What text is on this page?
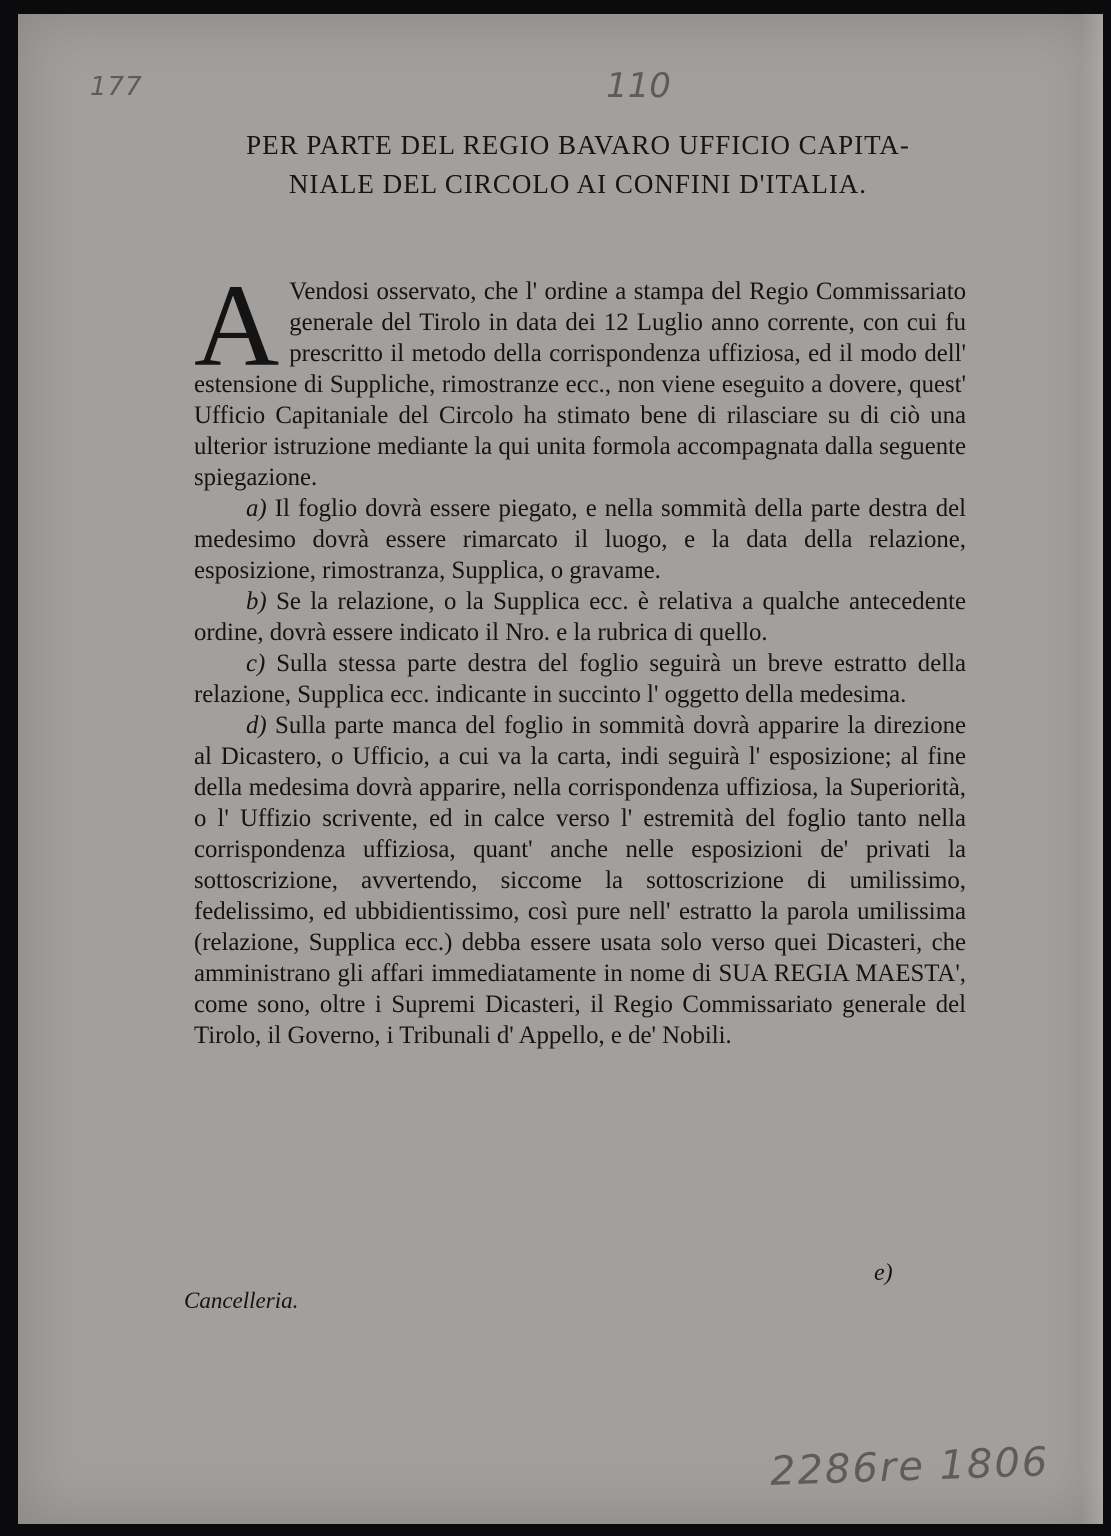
177	110
PER PARTE DEL REGIO BAVARO UFFICIO CAPITA-
NIALE DEL CIRCOLO AI CONFINI D'ITALIA.

A Vendosi osservato, che l' ordine a stampa del Regio Commissariato generale del Tirolo in data dei 12 Luglio anno corrente, con cui fu prescritto il metodo della corrispondenza uffiziosa, ed il modo dell' estensione di Suppliche, rimostranze ecc., non viene eseguito a dovere, quest' Ufficio Capitaniale del Circolo ha stimato bene di rilasciare su di ciò una ulterior istruzione mediante la qui unita formola accompagnata dalla seguente spiegazione.

a) Il foglio dovrà essere piegato, e nella sommità della parte destra del medesimo dovrà essere rimarcato il luogo, e la data della relazione, esposizione, rimostranza, Supplica, o gravame.

b) Se la relazione, o la Supplica ecc. è relativa a qualche antecedente ordine, dovrà essere indicato il Nro. e la rubrica di quello.

c) Sulla stessa parte destra del foglio seguirà un breve estratto della relazione, Supplica ecc. indicante in succinto l' oggetto della medesima.

d) Sulla parte manca del foglio in sommità dovrà apparire la direzione al Dicastero, o Ufficio, a cui va la carta, indi seguirà l' esposizione; al fine della medesima dovrà apparire, nella corrispondenza uffiziosa, la Superiorità, o l' Uffizio scrivente, ed in calce verso l' estremità del foglio tanto nella corrispondenza uffiziosa, quant' anche nelle esposizioni de' privati la sottoscrizione, avvertendo, siccome la sottoscrizione di umilissimo, fedelissimo, ed ubbidientissimo, così pure nell' estratto la parola umilissima (relazione, Supplica ecc.) debba essere usata solo verso quei Dicasteri, che amministrano gli affari immediatamente in nome di SUA REGIA MAESTA', come sono, oltre i Supremi Dicasteri, il Regio Commissariato generale del Tirolo, il Governo, i Tribunali d' Appello, e de' Nobili.

e)
Cancelleria.
2286re 1806
